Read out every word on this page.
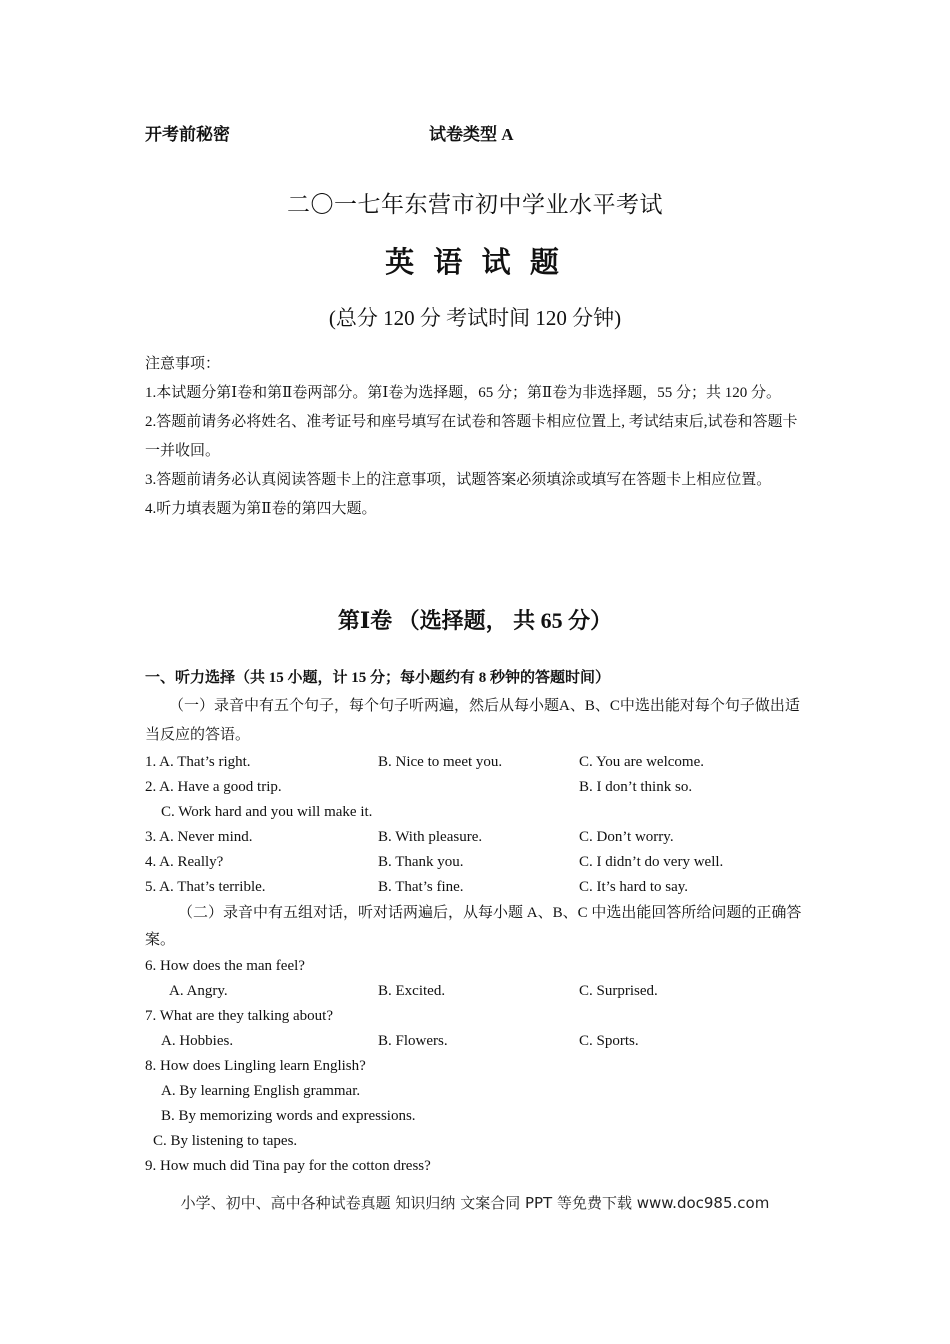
开考前秘密	试卷类型 A
二〇一七年东营市初中学业水平考试
英 语 试 题
(总分 120 分 考试时间 120 分钟)

注意事项：

1.本试题分第Ⅰ卷和第Ⅱ卷两部分。第Ⅰ卷为选择题，65 分；第Ⅱ卷为非选择题，55 分；共 120 分。

2.答题前请务必将姓名、准考证号和座号填写在试卷和答题卡相应位置上, 考试结束后,试卷和答题卡一并收回。

3.答题前请务必认真阅读答题卡上的注意事项，试题答案必须填涂或填写在答题卡上相应位置。

4.听力填表题为第Ⅱ卷的第四大题。

第Ⅰ卷 （选择题， 共 65 分）
一、听力选择（共 15 小题，计 15 分；每小题约有 8 秒钟的答题时间）
（一）录音中有五个句子，每个句子听两遍，然后从每小题A、B、C中选出能对每个句子做出适当反应的答语。
1. A. That’s right.	B. Nice to meet you.	C. You are welcome.
2. A. Have a good trip.	B. I don’t think so.
C. Work hard and you will make it.
3. A. Never mind.	B. With pleasure.	C. Don’t worry.
4. A. Really?	B. Thank you.	C. I didn’t do very well.
5. A. That’s terrible.	B. That’s fine.	C. It’s hard to say.
（二）录音中有五组对话，听对话两遍后，从每小题 A、B、C 中选出能回答所给问题的正确答案。
6. How does the man feel?
A. Angry.	B. Excited.	C. Surprised.
7. What are they talking about?
A. Hobbies.	B. Flowers.	C. Sports.
8. How does Lingling learn English?
A. By learning English grammar.
B. By memorizing words and expressions.
C. By listening to tapes.
9. How much did Tina pay for the cotton dress?
小学、初中、高中各种试卷真题 知识归纳 文案合同 PPT 等免费下载 www.doc985.com
